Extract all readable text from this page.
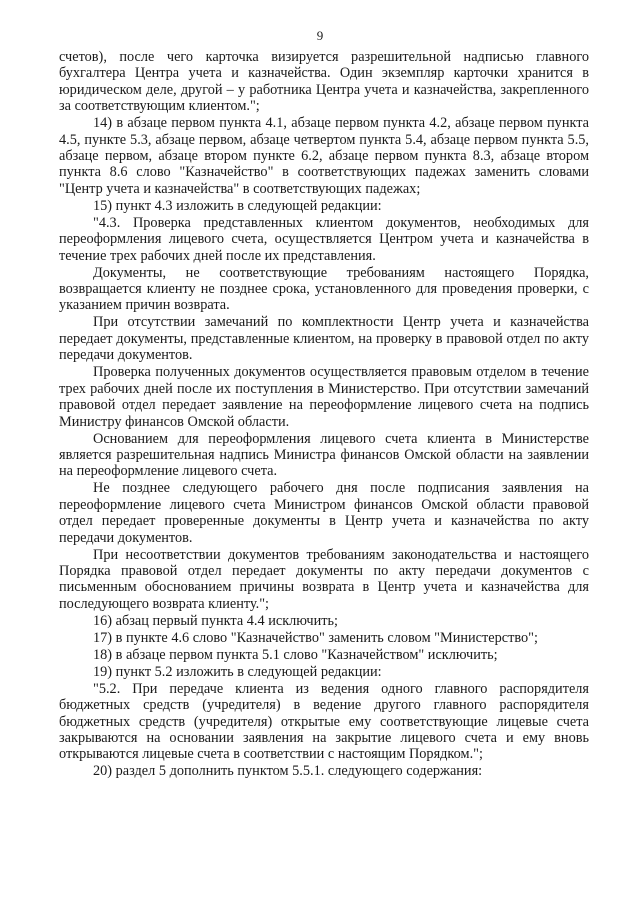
9

счетов), после чего карточка визируется разрешительной надписью главного бухгалтера Центра учета и казначейства. Один экземпляр карточки хранится в юридическом деле, другой – у работника Центра учета и казначейства, закрепленного за соответствующим клиентом.";

14) в абзаце первом пункта 4.1, абзаце первом пункта 4.2, абзаце первом пункта 4.5, пункте 5.3, абзаце первом, абзаце четвертом пункта 5.4, абзаце первом пункта 5.5, абзаце первом, абзаце втором пункте 6.2, абзаце первом пункта 8.3, абзаце втором пункта 8.6 слово "Казначейство" в соответствующих падежах заменить словами "Центр учета и казначейства" в соответствующих падежах;

15) пункт 4.3 изложить в следующей редакции:

"4.3. Проверка представленных клиентом документов, необходимых для переоформления лицевого счета, осуществляется Центром учета и казначейства в течение трех рабочих дней после их представления.

Документы, не соответствующие требованиям настоящего Порядка, возвращается клиенту не позднее срока, установленного для проведения проверки, с указанием причин возврата.

При отсутствии замечаний по комплектности Центр учета и казначейства передает документы, представленные клиентом, на проверку в правовой отдел по акту передачи документов.

Проверка полученных документов осуществляется правовым отделом в течение трех рабочих дней после их поступления в Министерство. При отсутствии замечаний правовой отдел передает заявление на переоформление лицевого счета на подпись Министру финансов Омской области.

Основанием для переоформления лицевого счета клиента в Министерстве является разрешительная надпись Министра финансов Омской области на заявлении на переоформление лицевого счета.

Не позднее следующего рабочего дня после подписания заявления на переоформление лицевого счета Министром финансов Омской области правовой отдел передает проверенные документы в Центр учета и казначейства по акту передачи документов.

При несоответствии документов требованиям законодательства и настоящего Порядка правовой отдел передает документы по акту передачи документов с письменным обоснованием причины возврата в Центр учета и казначейства для последующего возврата клиенту.";

16) абзац первый пункта 4.4 исключить;

17) в пункте 4.6 слово "Казначейство" заменить словом "Министерство";

18) в абзаце первом пункта 5.1 слово "Казначейством" исключить;

19) пункт 5.2 изложить в следующей редакции:

"5.2. При передаче клиента из ведения одного главного распорядителя бюджетных средств (учредителя) в ведение другого главного распорядителя бюджетных средств (учредителя) открытые ему соответствующие лицевые счета закрываются на основании заявления на закрытие лицевого счета и ему вновь открываются лицевые счета в соответствии с настоящим Порядком.";

20) раздел 5 дополнить пунктом 5.5.1. следующего содержания:
